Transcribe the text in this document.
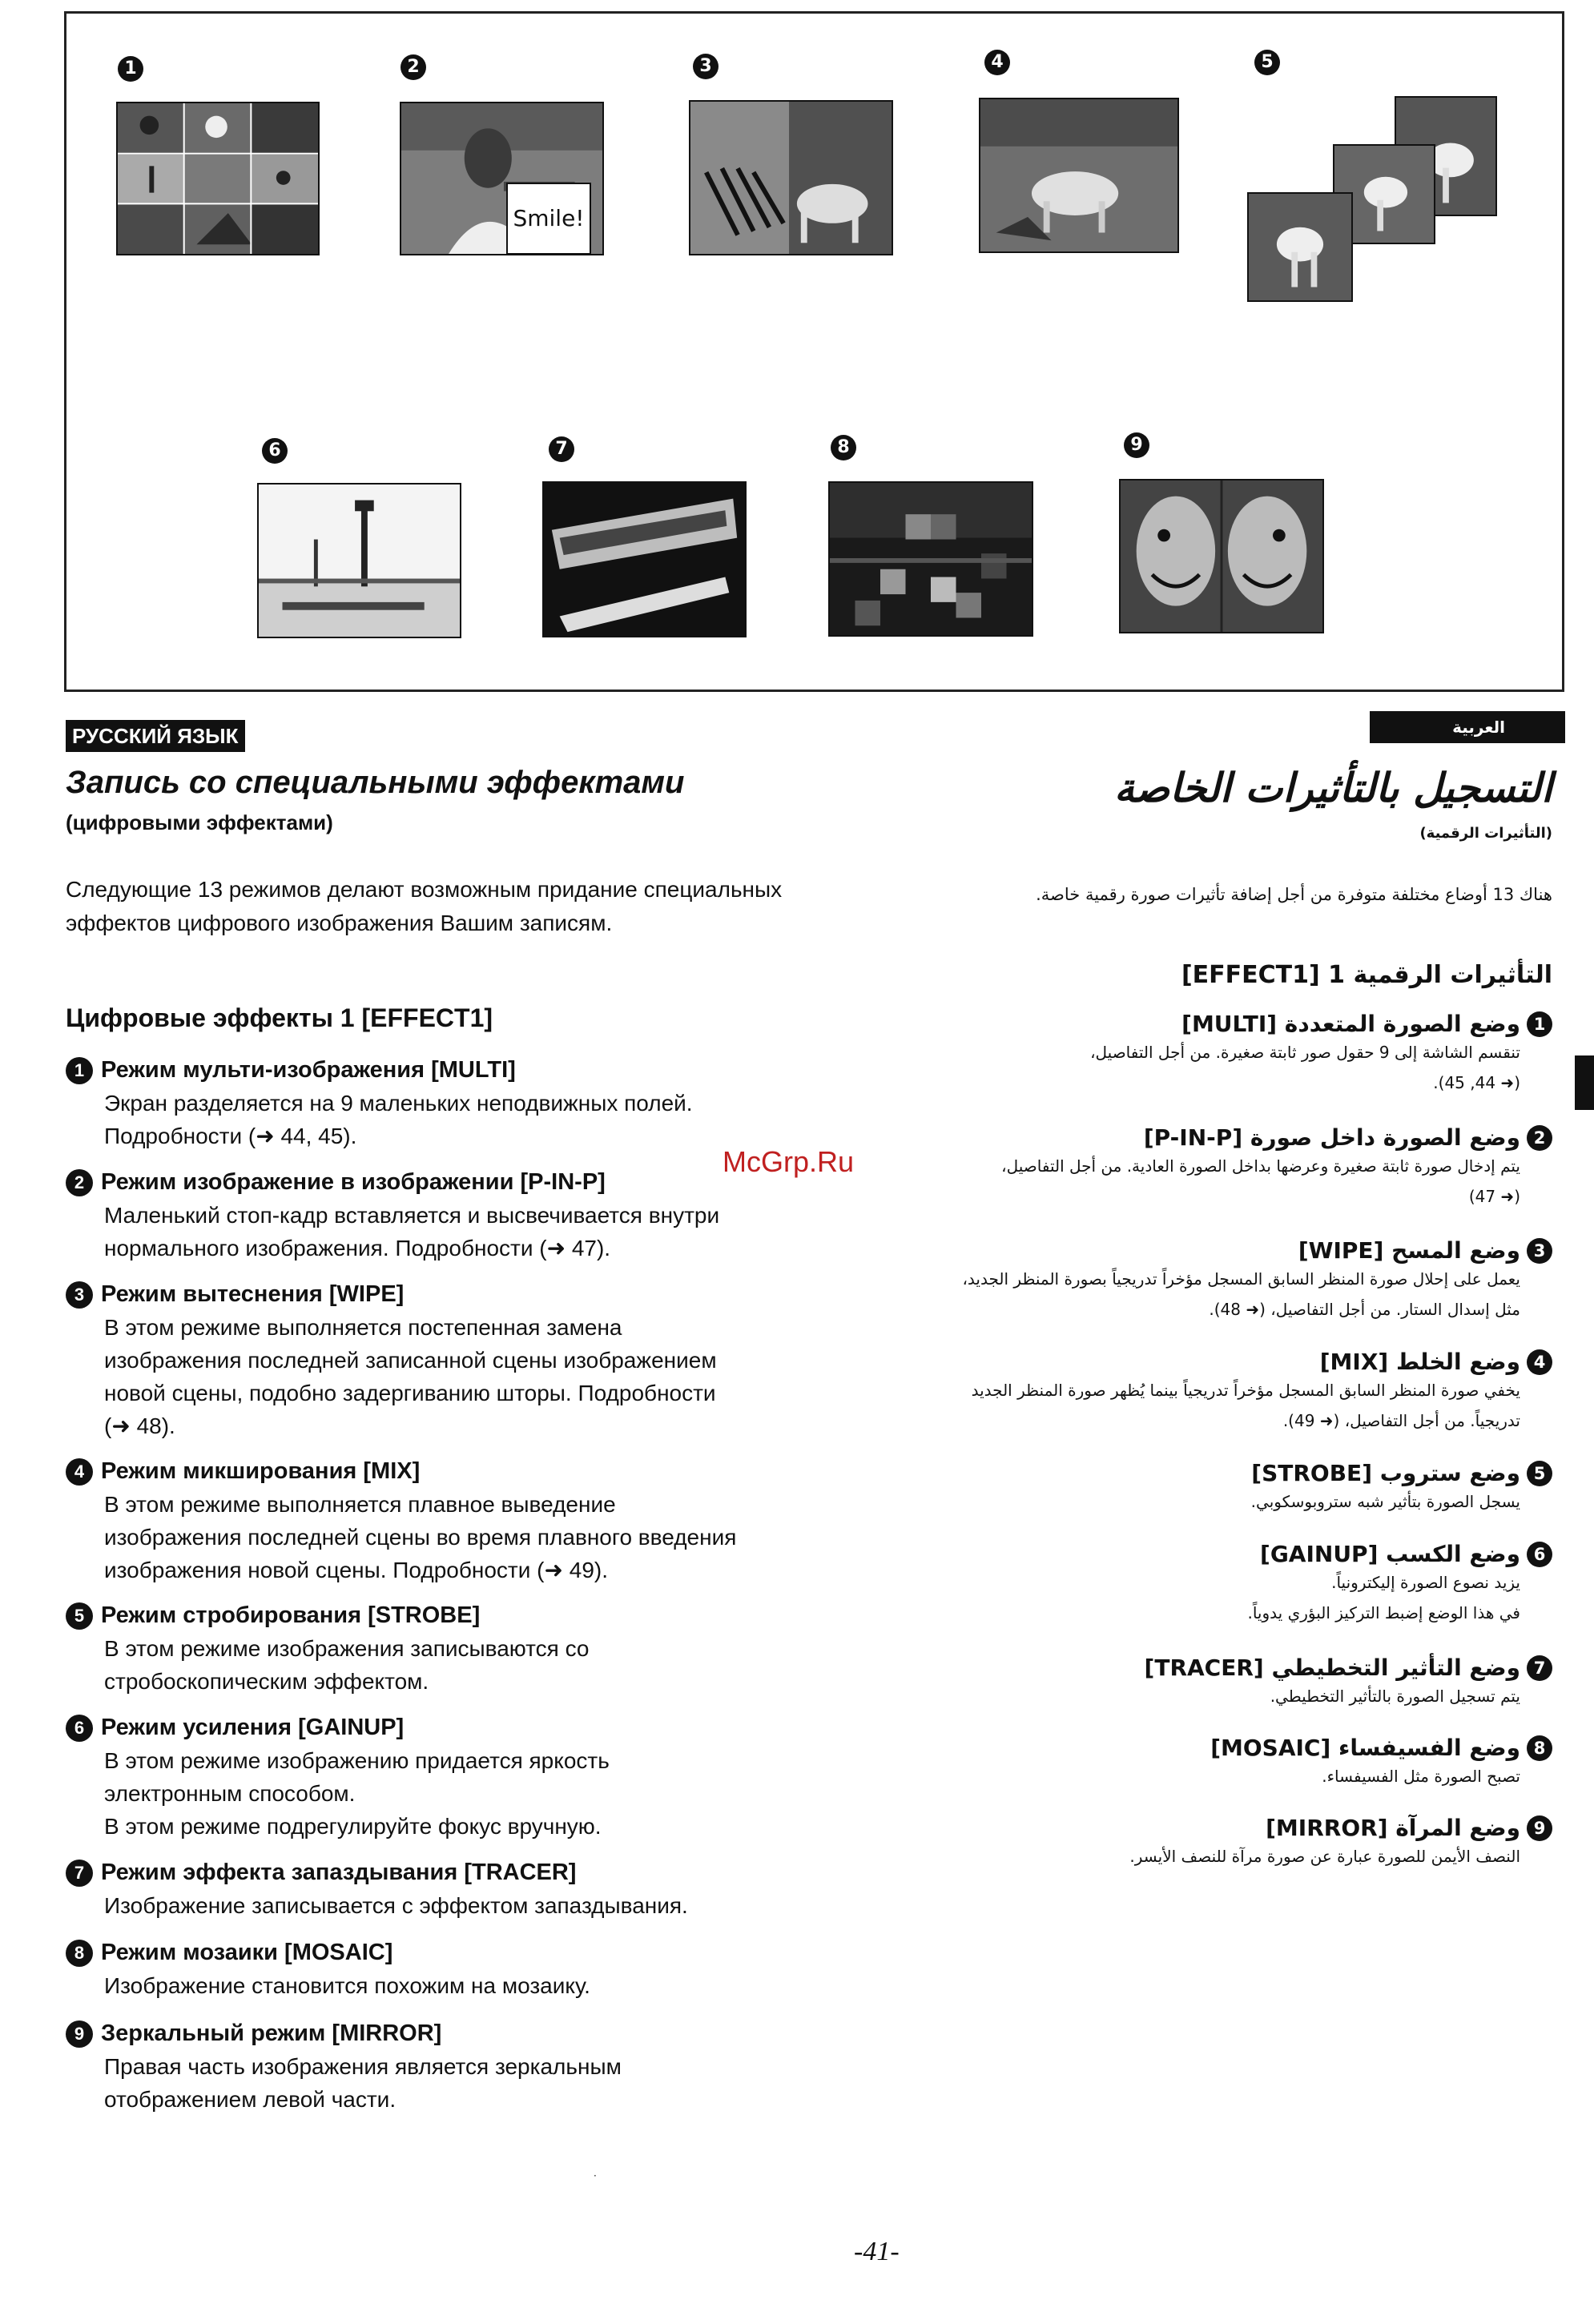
1	2	3	4	5
6	7	8	9
Smile!
РУССКИЙ ЯЗЫК	العربية
Запись со специальными эффектами
(цифровыми эффектами)
Следующие 13 режимов делают возможным придание специальных эффектов цифрового изображения Вашим записям.
Цифровые эффекты 1 [EFFECT1]
1 Режим мульти-изображения [MULTI]
Экран разделяется на 9 маленьких неподвижных полей.
Подробности (➜ 44, 45).
2 Режим изображение в изображении [P-IN-P]
Маленький стоп-кадр вставляется и высвечивается внутри
нормального изображения. Подробности (➜ 47).
3 Режим вытеснения [WIPE]
В этом режиме выполняется постепенная замена
изображения последней записанной сцены изображением
новой сцены, подобно задергиванию шторы. Подробности
(➜ 48).
4 Режим микширования [MIX]
В этом режиме выполняется плавное выведение
изображения последней сцены во время плавного введения
изображения новой сцены. Подробности (➜ 49).
5 Режим стробирования [STROBE]
В этом режиме изображения записываются со
стробоскопическим эффектом.
6 Режим усиления [GAINUP]
В этом режиме изображению придается яркость
электронным способом.
В этом режиме подрегулируйте фокус вручную.
7 Режим эффекта запаздывания [TRACER]
Изображение записывается с эффектом запаздывания.
8 Режим мозаики [MOSAIC]
Изображение становится похожим на мозаику.
9 Зеркальный режим [MIRROR]
Правая часть изображения является зеркальным
отображением левой части.
التسجيل بالتأثيرات الخاصة
(التأثيرات الرقمية)
هناك 13 أوضاع مختلفة متوفرة من أجل إضافة تأثيرات صورة رقمية خاصة.
التأثيرات الرقمية 1 [EFFECT1]
1
وضع الصورة المتعددة [MULTI]
تنقسم الشاشة إلى 9 حقول صور ثابتة صغيرة. من أجل التفاصيل،
(➜ 44, 45).
2
وضع الصورة داخل صورة [P-IN-P]
يتم إدخال صورة ثابتة صغيرة وعرضها بداخل الصورة العادية. من أجل التفاصيل،
(➜ 47)
3
وضع المسح [WIPE]
يعمل على إحلال صورة المنظر السابق المسجل مؤخراً تدريجياً بصورة المنظر الجديد،
مثل إسدال الستار. من أجل التفاصيل، (➜ 48).
4
وضع الخلط [MIX]
يخفي صورة المنظر السابق المسجل مؤخراً تدريجياً بينما يُظهر صورة المنظر الجديد
تدريجياً. من أجل التفاصيل، (➜ 49).
5
وضع ستروب [STROBE]
يسجل الصورة بتأثير شبه ستروبوسكوبي.
6
وضع الكسب [GAINUP]
يزيد نصوع الصورة إليكترونياً.
في هذا الوضع إضبط التركيز البؤري يدوياً.
7
وضع التأثير التخطيطي [TRACER]
يتم تسجيل الصورة بالتأثير التخطيطي.
8
وضع الفسيفساء [MOSAIC]
تصبح الصورة مثل الفسيفساء.
9
وضع المرآة [MIRROR]
النصف الأيمن للصورة عبارة عن صورة مرآة للنصف الأيسر.
McGrp.Ru
·
-41-
